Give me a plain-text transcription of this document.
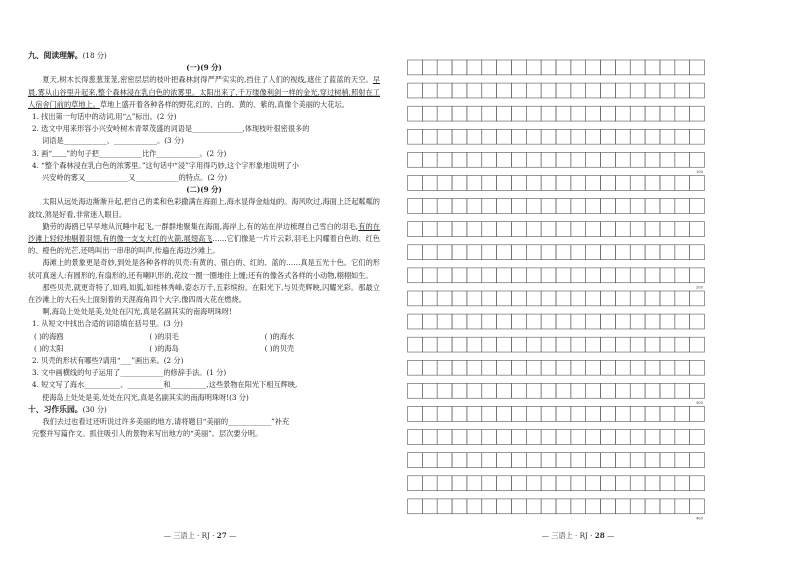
九、阅读理解。(18 分)
(一)(9 分)

夏天,树木长得葱葱茏茏,密密层层的枝叶把森林封得严严实实的,挡住了人们的视线,遮住了蓝蓝的天空。早晨,雾从山谷里升起来,整个森林浸在乳白色的浓雾里。太阳出来了,千万缕像利剑一样的金光,穿过树梢,照射在工人宿舍门前的草地上。草地上盛开着各种各样的野花,红的、白的、黄的、紫的,真像个美丽的大花坛。

1. 找出第一句话中的动词,用“△”标出。(2 分)

2. 选文中用来形容小兴安岭树木青翠茂盛的词语是______________,体现枝叶很密很多的

词语是____________、____________。(3 分)

3. 画“﹏﹏”的句子把____________比作____________。(2 分)

4. “整个森林浸在乳白色的浓雾里。”这句话中“浸”字用得巧妙,这个字形象地说明了小

兴安岭的雾又____________又____________的特点。(2 分)

(二)(9 分)

太阳从远处海边渐渐升起,把自己的柔和色彩撒满在海面上,海水显得金灿灿的。海风吹过,海面上泛起粼粼的波纹,煞是好看,非常迷人眼目。

勤劳的海鸥已早早地从沉睡中起飞,一群群地聚集在海面,海岸上,有的站在岸边梳理自己雪白的羽毛,有的在沙滩上轻轻地剔着羽翅,有的像一支支大红的火箭,展翅高飞……它们像是一片片云彩,羽毛上闪耀着白色的、红色的、橙色的光芒,还鸣叫出一串串的叫声,传遍在海边沙滩上。

海滩上的景象更是奇妙,到处是各种各样的贝壳:有黄的、银白的、红的、蓝的……真是五光十色。它们的形状可真迷人:有圆形的,有扇形的,还有喇叭形的,花纹一圈一圈地往上缠;还有的像各式各样的小动物,栩栩如生。

那些贝壳,就更奇特了,如鸡,如狐,如桂林秀峰,姿态万千,五彩缤纷。在阳光下,与贝壳辉映,闪耀光彩。那最立在沙滩上的大石头上面刻着的天涯海角四个大字,像四周大花在燃烧。

啊,海岛上处处是美,处处在闪光,真是名副其实的南海明珠呀!

1. 从短文中找出合适的词语填在括号里。(3 分)

( )的海鸥	( )的羽毛	( )的海水
( )的太阳	( )的海岛	( )的贝壳

2. 贝壳的形状有哪些?请用“___”画出来。(2 分)

3. 文中画横线的句子运用了____________的修辞手法。(1 分)

4. 短文写了海水__________、__________和__________,这些景物在阳光下相互辉映,

使海岛上处处是美,处处在闪光,真是名副其实的南海明珠呀!(3 分)

十、习作乐园。(30 分)

我们去过也看过还听说过许多美丽的地方,请将题目“美丽的____________”补充

完整并写篇作文。抓住吸引人的景物来写出地方的“美丽”。层次要分明。

— 三语上 · RJ · 27 —	— 三语上 · RJ · 28 —
100
200
300
400
